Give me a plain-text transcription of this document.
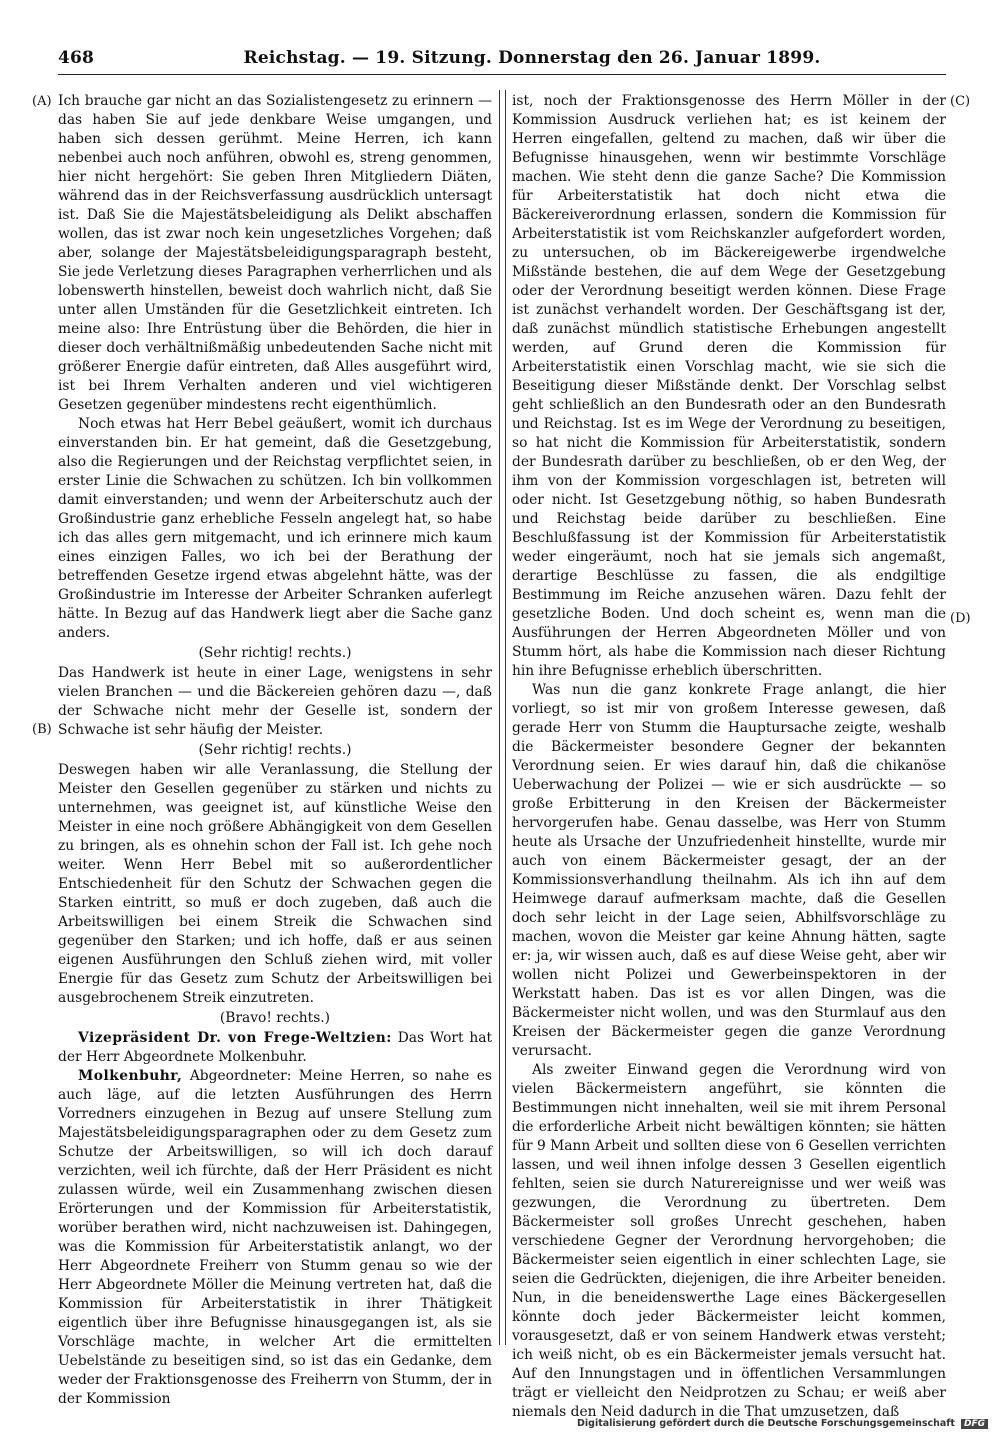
468	Reichstag. — 19. Sitzung. Donnerstag den 26. Januar 1899.
(A)
(B)
(C)
(D)

Ich brauche gar nicht an das Sozialistengesetz zu erinnern — das haben Sie auf jede denkbare Weise umgangen, und haben sich dessen gerühmt. Meine Herren, ich kann nebenbei auch noch anführen, obwohl es, streng genommen, hier nicht hergehört: Sie geben Ihren Mitgliedern Diäten, während das in der Reichsverfassung ausdrücklich untersagt ist. Daß Sie die Majestätsbeleidigung als Delikt abschaffen wollen, das ist zwar noch kein ungesetzliches Vorgehen; daß aber, solange der Majestätsbeleidigungsparagraph besteht, Sie jede Verletzung dieses Paragraphen verherrlichen und als lobenswerth hinstellen, beweist doch wahrlich nicht, daß Sie unter allen Umständen für die Gesetzlichkeit eintreten. Ich meine also: Ihre Entrüstung über die Behörden, die hier in dieser doch verhältnißmäßig unbedeutenden Sache nicht mit größerer Energie dafür eintreten, daß Alles ausgeführt wird, ist bei Ihrem Verhalten anderen und viel wichtigeren Gesetzen gegenüber mindestens recht eigenthümlich.

Noch etwas hat Herr Bebel geäußert, womit ich durchaus einverstanden bin. Er hat gemeint, daß die Gesetzgebung, also die Regierungen und der Reichstag verpflichtet seien, in erster Linie die Schwachen zu schützen. Ich bin vollkommen damit einverstanden; und wenn der Arbeiterschutz auch der Großindustrie ganz erhebliche Fesseln angelegt hat, so habe ich das alles gern mitgemacht, und ich erinnere mich kaum eines einzigen Falles, wo ich bei der Berathung der betreffenden Gesetze irgend etwas abgelehnt hätte, was der Großindustrie im Interesse der Arbeiter Schranken auferlegt hätte. In Bezug auf das Handwerk liegt aber die Sache ganz anders.

(Sehr richtig! rechts.)

Das Handwerk ist heute in einer Lage, wenigstens in sehr vielen Branchen — und die Bäckereien gehören dazu —, daß der Schwache nicht mehr der Geselle ist, sondern der Schwache ist sehr häufig der Meister.

(Sehr richtig! rechts.)

Deswegen haben wir alle Veranlassung, die Stellung der Meister den Gesellen gegenüber zu stärken und nichts zu unternehmen, was geeignet ist, auf künstliche Weise den Meister in eine noch größere Abhängigkeit von dem Gesellen zu bringen, als es ohnehin schon der Fall ist. Ich gehe noch weiter. Wenn Herr Bebel mit so außerordentlicher Entschiedenheit für den Schutz der Schwachen gegen die Starken eintritt, so muß er doch zugeben, daß auch die Arbeitswilligen bei einem Streik die Schwachen sind gegenüber den Starken; und ich hoffe, daß er aus seinen eigenen Ausführungen den Schluß ziehen wird, mit voller Energie für das Gesetz zum Schutz der Arbeitswilligen bei ausgebrochenem Streik einzutreten.

(Bravo! rechts.)

Vizepräsident Dr. von Frege-Weltzien: Das Wort hat der Herr Abgeordnete Molkenbuhr.

Molkenbuhr, Abgeordneter: Meine Herren, so nahe es auch läge, auf die letzten Ausführungen des Herrn Vorredners einzugehen in Bezug auf unsere Stellung zum Majestätsbeleidigungsparagraphen oder zu dem Gesetz zum Schutze der Arbeitswilligen, so will ich doch darauf verzichten, weil ich fürchte, daß der Herr Präsident es nicht zulassen würde, weil ein Zusammenhang zwischen diesen Erörterungen und der Kommission für Arbeiterstatistik, worüber berathen wird, nicht nachzuweisen ist. Dahingegen, was die Kommission für Arbeiterstatistik anlangt, wo der Herr Abgeordnete Freiherr von Stumm genau so wie der Herr Abgeordnete Möller die Meinung vertreten hat, daß die Kommission für Arbeiterstatistik in ihrer Thätigkeit eigentlich über ihre Befugnisse hinausgegangen ist, als sie Vorschläge machte, in welcher Art die ermittelten Uebelstände zu beseitigen sind, so ist das ein Gedanke, dem weder der Fraktionsgenosse des Freiherrn von Stumm, der in der Kommission

ist, noch der Fraktionsgenosse des Herrn Möller in der Kommission Ausdruck verliehen hat; es ist keinem der Herren eingefallen, geltend zu machen, daß wir über die Befugnisse hinausgehen, wenn wir bestimmte Vorschläge machen. Wie steht denn die ganze Sache? Die Kommission für Arbeiterstatistik hat doch nicht etwa die Bäckereiverordnung erlassen, sondern die Kommission für Arbeiterstatistik ist vom Reichskanzler aufgefordert worden, zu untersuchen, ob im Bäckereigewerbe irgendwelche Mißstände bestehen, die auf dem Wege der Gesetzgebung oder der Verordnung beseitigt werden können. Diese Frage ist zunächst verhandelt worden. Der Geschäftsgang ist der, daß zunächst mündlich statistische Erhebungen angestellt werden, auf Grund deren die Kommission für Arbeiterstatistik einen Vorschlag macht, wie sie sich die Beseitigung dieser Mißstände denkt. Der Vorschlag selbst geht schließlich an den Bundesrath oder an den Bundesrath und Reichstag. Ist es im Wege der Verordnung zu beseitigen, so hat nicht die Kommission für Arbeiterstatistik, sondern der Bundesrath darüber zu beschließen, ob er den Weg, der ihm von der Kommission vorgeschlagen ist, betreten will oder nicht. Ist Gesetzgebung nöthig, so haben Bundesrath und Reichstag beide darüber zu beschließen. Eine Beschlußfassung ist der Kommission für Arbeiterstatistik weder eingeräumt, noch hat sie jemals sich angemaßt, derartige Beschlüsse zu fassen, die als endgiltige Bestimmung im Reiche anzusehen wären. Dazu fehlt der gesetzliche Boden. Und doch scheint es, wenn man die Ausführungen der Herren Abgeordneten Möller und von Stumm hört, als habe die Kommission nach dieser Richtung hin ihre Befugnisse erheblich überschritten.

Was nun die ganz konkrete Frage anlangt, die hier vorliegt, so ist mir von großem Interesse gewesen, daß gerade Herr von Stumm die Hauptursache zeigte, weshalb die Bäckermeister besondere Gegner der bekannten Verordnung seien. Er wies darauf hin, daß die chikanöse Ueberwachung der Polizei — wie er sich ausdrückte — so große Erbitterung in den Kreisen der Bäckermeister hervorgerufen habe. Genau dasselbe, was Herr von Stumm heute als Ursache der Unzufriedenheit hinstellte, wurde mir auch von einem Bäckermeister gesagt, der an der Kommissionsverhandlung theilnahm. Als ich ihn auf dem Heimwege darauf aufmerksam machte, daß die Gesellen doch sehr leicht in der Lage seien, Abhilfsvorschläge zu machen, wovon die Meister gar keine Ahnung hätten, sagte er: ja, wir wissen auch, daß es auf diese Weise geht, aber wir wollen nicht Polizei und Gewerbeinspektoren in der Werkstatt haben. Das ist es vor allen Dingen, was die Bäckermeister nicht wollen, und was den Sturmlauf aus den Kreisen der Bäckermeister gegen die ganze Verordnung verursacht.

Als zweiter Einwand gegen die Verordnung wird von vielen Bäckermeistern angeführt, sie könnten die Bestimmungen nicht innehalten, weil sie mit ihrem Personal die erforderliche Arbeit nicht bewältigen könnten; sie hätten für 9 Mann Arbeit und sollten diese von 6 Gesellen verrichten lassen, und weil ihnen infolge dessen 3 Gesellen eigentlich fehlten, seien sie durch Naturereignisse und wer weiß was gezwungen, die Verordnung zu übertreten. Dem Bäckermeister soll großes Unrecht geschehen, haben verschiedene Gegner der Verordnung hervorgehoben; die Bäckermeister seien eigentlich in einer schlechten Lage, sie seien die Gedrückten, diejenigen, die ihre Arbeiter beneiden. Nun, in die beneidenswerthe Lage eines Bäckergesellen könnte doch jeder Bäckermeister leicht kommen, vorausgesetzt, daß er von seinem Handwerk etwas versteht; ich weiß nicht, ob es ein Bäckermeister jemals versucht hat. Auf den Innungstagen und in öffentlichen Versammlungen trägt er vielleicht den Neidprotzen zu Schau; er weiß aber niemals den Neid dadurch in die That umzusetzen, daß

Digitalisierung gefördert durch die Deutsche Forschungsgemeinschaft	DFG
